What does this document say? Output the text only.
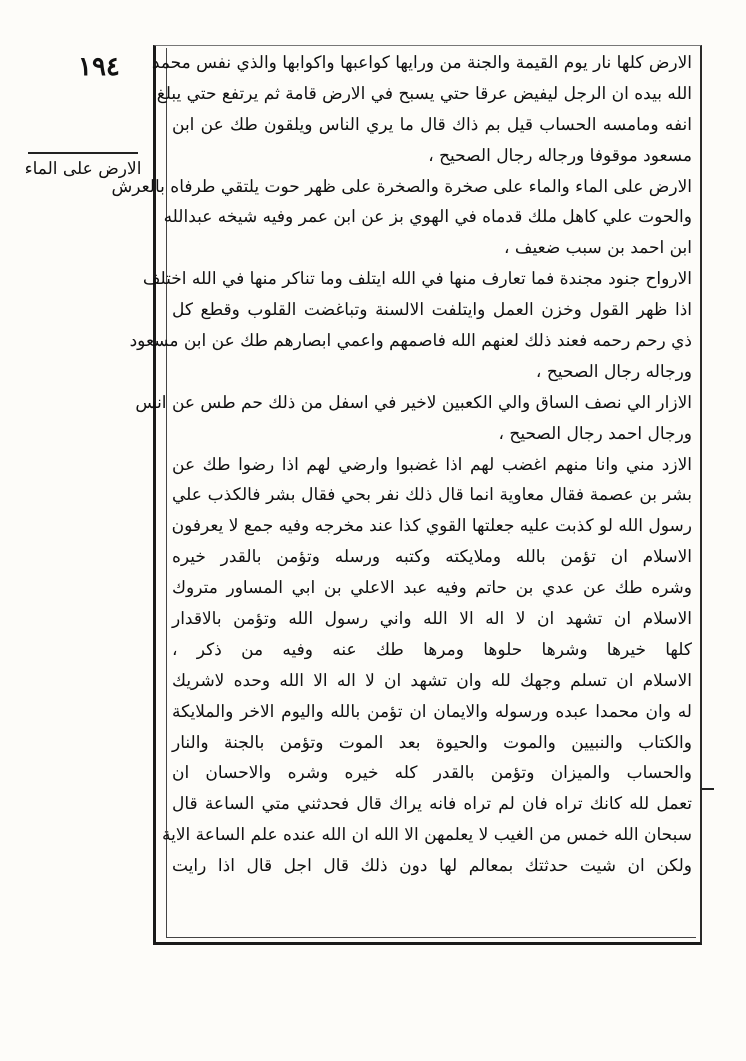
١٩٤
الارض على الماء
الارض كلها نار يوم القيمة والجنة من ورايها كواعبها واكوابها والذي نفس محمد
الله بيده ان الرجل ليفيض عرقا حتي يسبح في الارض قامة ثم يرتفع حتي يبلغ
انفه ومامسه الحساب قيل بم ذاك قال ما يري الناس ويلقون طك عن ابن
مسعود موقوفا ورجاله رجال الصحيح ،
الارض على الماء والماء على صخرة والصخرة على ظهر حوت يلتقي طرفاه بالعرش
والحوت علي كاهل ملك قدماه في الهوي بز عن ابن عمر وفيه شيخه عبدالله
ابن احمد بن سبب ضعيف ،
الارواح جنود مجندة فما تعارف منها في الله ايتلف وما تناكر منها في الله اختلف
اذا ظهر القول وخزن العمل وايتلفت الالسنة وتباغضت القلوب وقطع كل
ذي رحم رحمه فعند ذلك لعنهم الله فاصمهم واعمي ابصارهم طك عن ابن مسعود
ورجاله رجال الصحيح ،
الازار الي نصف الساق والي الكعبين لاخير في اسفل من ذلك حم طس عن انس
ورجال احمد رجال الصحيح ،
الازد مني وانا منهم اغضب لهم اذا غضبوا وارضي لهم اذا رضوا طك عن
بشر بن عصمة فقال معاوية انما قال ذلك نفر بحي فقال بشر فالكذب علي
رسول الله لو كذبت عليه جعلتها القوي كذا عند مخرجه وفيه جمع لا يعرفون
الاسلام ان تؤمن بالله وملايكته وكتبه ورسله وتؤمن بالقدر خيره
وشره طك عن عدي بن حاتم وفيه عبد الاعلي بن ابي المساور متروك
الاسلام ان تشهد ان لا اله الا الله واني رسول الله وتؤمن بالاقدار
كلها خيرها وشرها حلوها ومرها طك عنه وفيه من ذكر ،
الاسلام ان تسلم وجهك لله وان تشهد ان لا اله الا الله وحده لاشريك
له وان محمدا عبده ورسوله والايمان ان تؤمن بالله واليوم الاخر والملايكة
والكتاب والنبيين والموت والحيوة بعد الموت وتؤمن بالجنة والنار
والحساب والميزان وتؤمن بالقدر كله خيره وشره والاحسان ان
تعمل لله كانك تراه فان لم تراه فانه يراك قال فحدثني متي الساعة قال
سبحان الله خمس من الغيب لا يعلمهن الا الله ان الله عنده علم الساعة الاية
ولكن ان شيت حدثتك بمعالم لها دون ذلك قال اجل قال اذا رايت
